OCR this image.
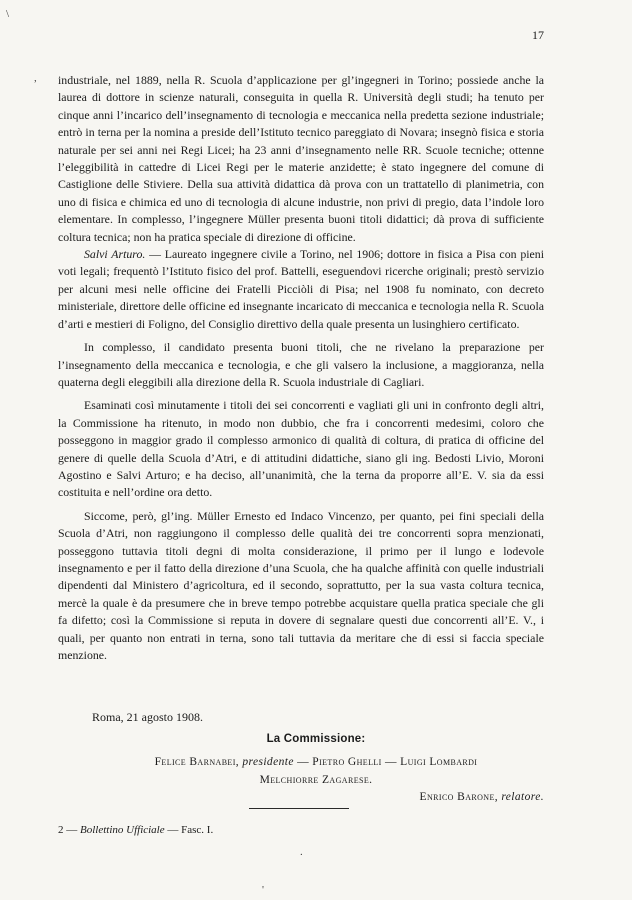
,
\
17

industriale, nel 1889, nella R. Scuola d’applicazione per gl’ingegneri in Torino; possiede anche la laurea di dottore in scienze naturali, conseguita in quella R. Università degli studi; ha tenuto per cinque anni l’incarico dell’insegnamento di tecnologia e meccanica nella predetta sezione industriale; entrò in terna per la nomina a preside dell’Istituto tecnico pareggiato di Novara; insegnò fisica e storia naturale per sei anni nei Regi Licei; ha 23 anni d’insegnamento nelle RR. Scuole tecniche; ottenne l’eleggibilità in cattedre di Licei Regi per le materie anzidette; è stato ingegnere del comune di Castiglione delle Stiviere. Della sua attività didattica dà prova con un trattatello di planimetria, con uno di fisica e chimica ed uno di tecnologia di alcune industrie, non privi di pregio, data l’indole loro elementare. In complesso, l’ingegnere Müller presenta buoni titoli didattici; dà prova di sufficiente coltura tecnica; non ha pratica speciale di direzione di officine.

Salvi Arturo. — Laureato ingegnere civile a Torino, nel 1906; dottore in fisica a Pisa con pieni voti legali; frequentò l’Istituto fisico del prof. Battelli, eseguendovi ricerche originali; prestò servizio per alcuni mesi nelle officine dei Fratelli Picciòli di Pisa; nel 1908 fu nominato, con decreto ministeriale, direttore delle officine ed insegnante incaricato di meccanica e tecnologia nella R. Scuola d’arti e mestieri di Foligno, del Consiglio direttivo della quale presenta un lusinghiero certificato.

In complesso, il candidato presenta buoni titoli, che ne rivelano la preparazione per l’insegnamento della meccanica e tecnologia, e che gli valsero la inclusione, a maggioranza, nella quaterna degli eleggibili alla direzione della R. Scuola industriale di Cagliari.

Esaminati così minutamente i titoli dei sei concorrenti e vagliati gli uni in confronto degli altri, la Commissione ha ritenuto, in modo non dubbio, che fra i concorrenti medesimi, coloro che posseggono in maggior grado il complesso armonico di qualità di coltura, di pratica di officine del genere di quelle della Scuola d’Atri, e di attitudini didattiche, siano gli ing. Bedosti Livio, Moroni Agostino e Salvi Arturo; e ha deciso, all’unanimità, che la terna da proporre all’E. V. sia da essi costituita e nell’ordine ora detto.

Siccome, però, gl’ing. Müller Ernesto ed Indaco Vincenzo, per quanto, pei fini speciali della Scuola d’Atri, non raggiungono il complesso delle qualità dei tre concorrenti sopra menzionati, posseggono tuttavia titoli degni di molta considerazione, il primo per il lungo e lodevole insegnamento e per il fatto della direzione d’una Scuola, che ha qualche affinità con quelle industriali dipendenti dal Ministero d’agricoltura, ed il secondo, soprattutto, per la sua vasta coltura tecnica, mercè la quale è da presumere che in breve tempo potrebbe acquistare quella pratica speciale che gli fa difetto; così la Commissione si reputa in dovere di segnalare questi due concorrenti all’E. V., i quali, per quanto non entrati in terna, sono tali tuttavia da meritare che di essi si faccia speciale menzione.

Roma, 21 agosto 1908.
La Commissione:
Felice Barnabei, presidente — Pietro Ghelli — Luigi Lombardi
Melchiorre Zagarese.
Enrico Barone, relatore.
2 — Bollettino Ufficiale — Fasc. I.
'
.
